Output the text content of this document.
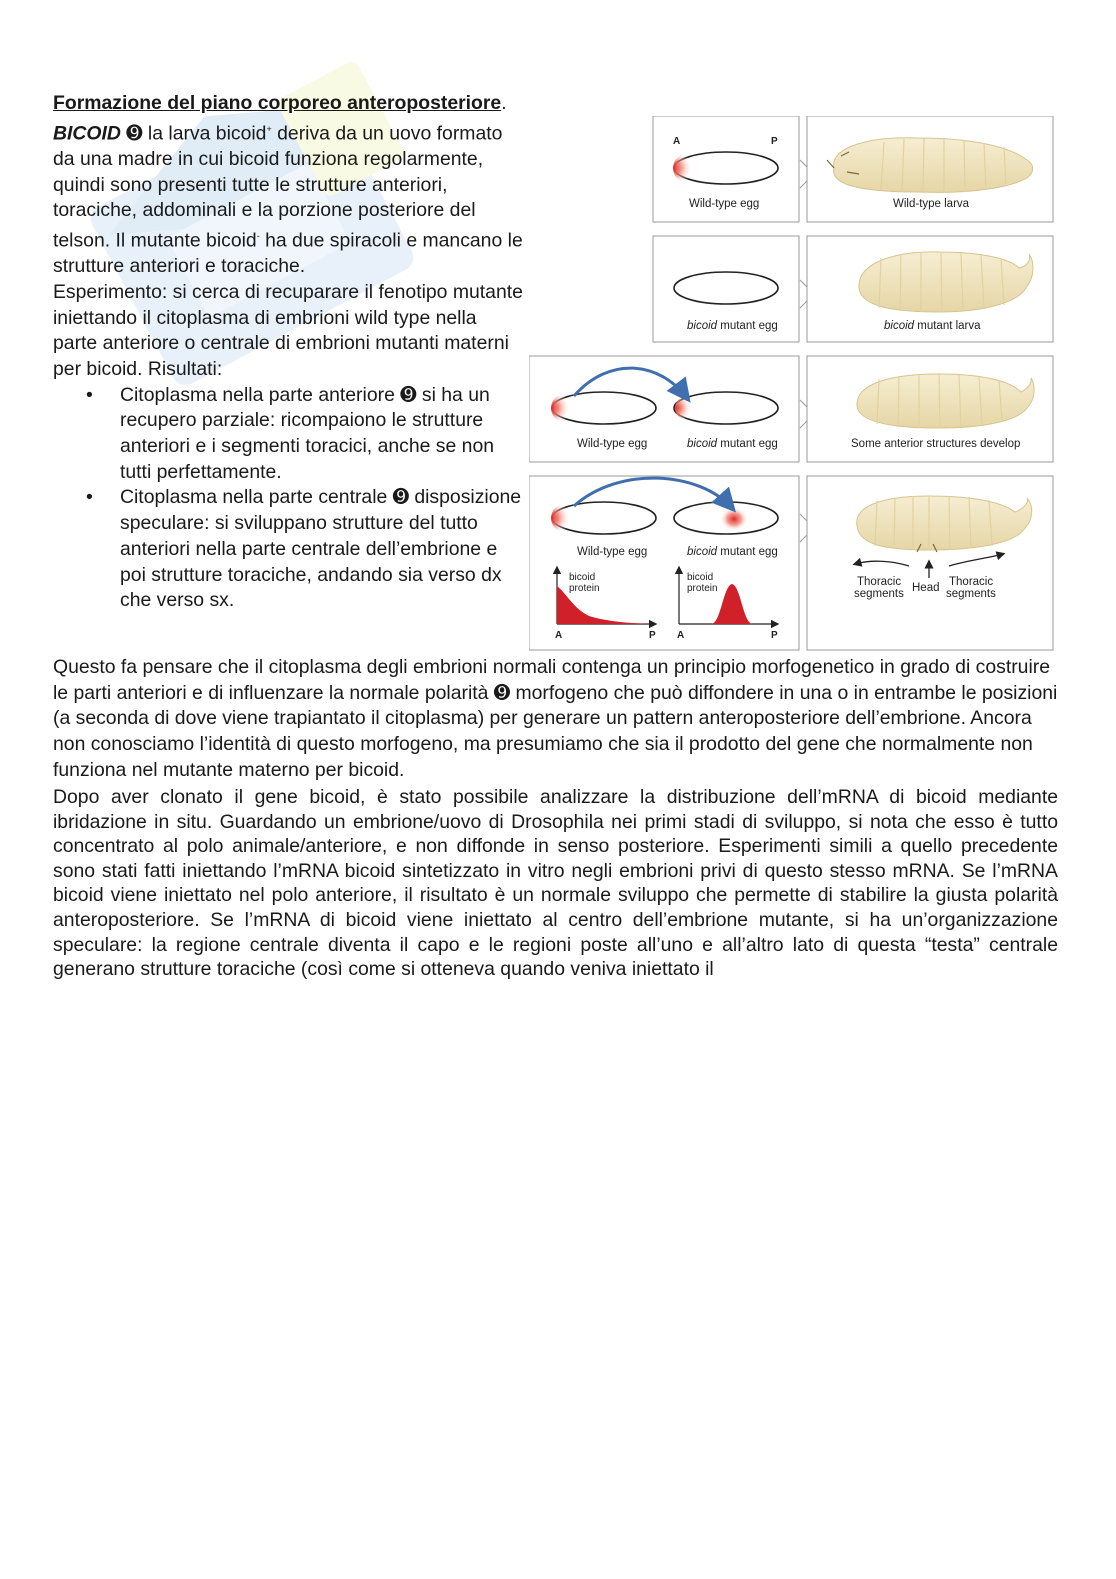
Formazione del piano corporeo anteroposteriore.

BICOID ➒ la larva bicoid+ deriva da un uovo formato da una madre in cui bicoid funziona regolarmente, quindi sono presenti tutte le strutture anteriori, toraciche, addominali e la porzione posteriore del telson. Il mutante bicoid- ha due spiracoli e mancano le strutture anteriori e toraciche.

Esperimento: si cerca di recuparare il fenotipo mutante iniettando il citoplasma di embrioni wild type nella parte anteriore o centrale di embrioni mutanti materni per bicoid. Risultati:

• Citoplasma nella parte anteriore ➒ si ha un recupero parziale: ricompaiono le strutture anteriori e i segmenti toracici, anche se non tutti perfettamente.
• Citoplasma nella parte centrale ➒ disposizione speculare: si sviluppano strutture del tutto anteriori nella parte centrale dell’embrione e poi strutture toraciche, andando sia verso dx che verso sx.
A	P
Wild-type egg	Wild-type larva
bicoid mutant egg	bicoid mutant larva
Wild-type egg	bicoid mutant egg	Some anterior structures develop
Wild-type egg	bicoid mutant egg
bicoid
protein
A	P
bicoid
protein
A	P
Thoracic
segments Head Thoracic
segments

Questo fa pensare che il citoplasma degli embrioni normali contenga un principio morfogenetico in grado di costruire le parti anteriori e di influenzare la normale polarità ➒ morfogeno che può diffondere in una o in entrambe le posizioni (a seconda di dove viene trapiantato il citoplasma) per generare un pattern anteroposteriore dell’embrione. Ancora non conosciamo l’identità di questo morfogeno, ma presumiamo che sia il prodotto del gene che normalmente non funziona nel mutante materno per bicoid.

Dopo aver clonato il gene bicoid, è stato possibile analizzare la distribuzione dell’mRNA di bicoid mediante ibridazione in situ. Guardando un embrione/uovo di Drosophila nei primi stadi di sviluppo, si nota che esso è tutto concentrato al polo animale/anteriore, e non diffonde in senso posteriore. Esperimenti simili a quello precedente sono stati fatti iniettando l’mRNA bicoid sintetizzato in vitro negli embrioni privi di questo stesso mRNA. Se l’mRNA bicoid viene iniettato nel polo anteriore, il risultato è un normale sviluppo che permette di stabilire la giusta polarità anteroposteriore. Se l’mRNA di bicoid viene iniettato al centro dell’embrione mutante, si ha un’organizzazione speculare: la regione centrale diventa il capo e le regioni poste all’uno e all’altro lato di questa “testa” centrale generano strutture toraciche (così come si otteneva quando veniva iniettato il
